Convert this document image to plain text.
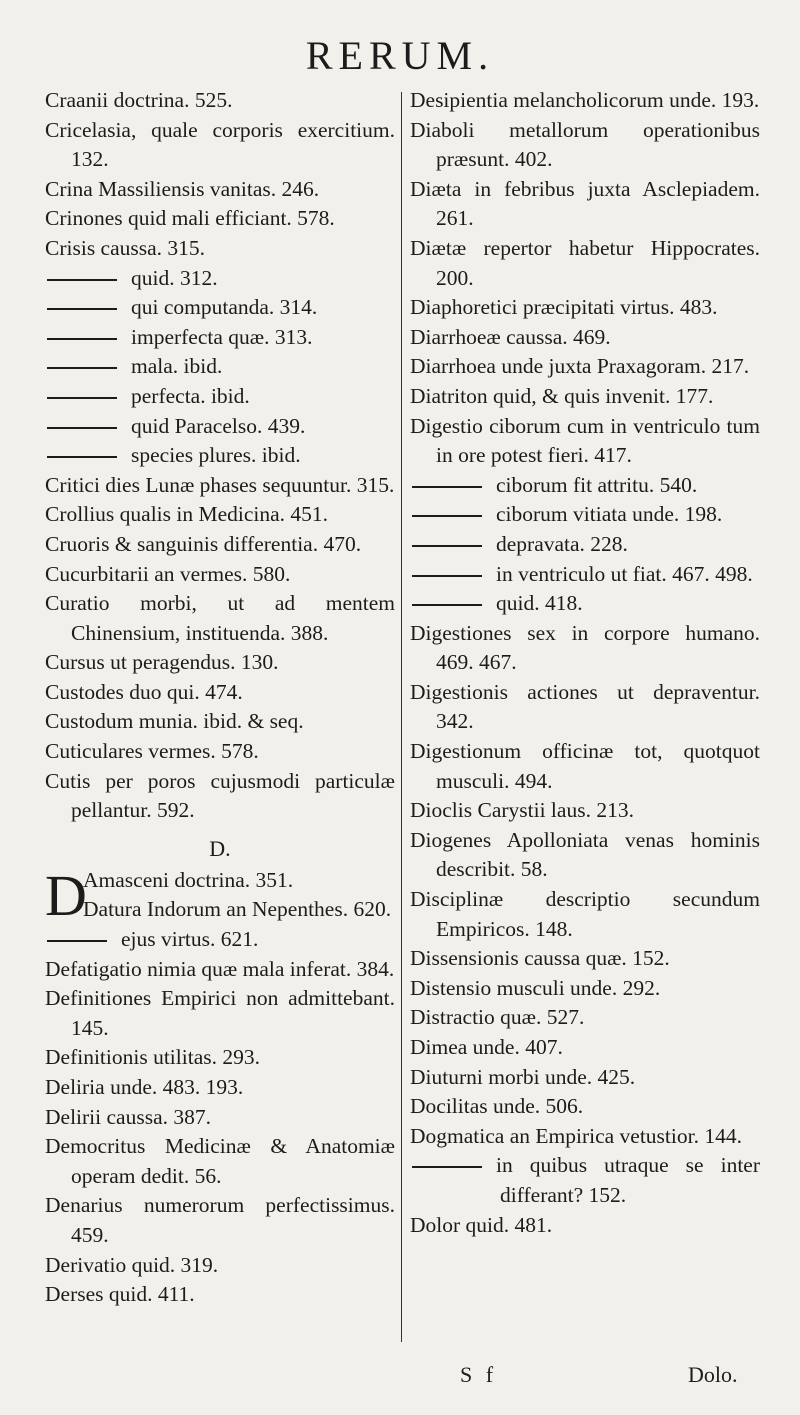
RERUM.
Craanii doctrina. 525.
Cricelasia, quale corporis exercitium. 132.
Crina Massiliensis vanitas. 246.
Crinones quid mali efficiant. 578.
Crisis caussa. 315.
quid. 312.
qui computanda. 314.
imperfecta quæ. 313.
mala. ibid.
perfecta. ibid.
quid Paracelso. 439.
species plures. ibid.
Critici dies Lunæ phases sequuntur. 315.
Crollius qualis in Medicina. 451.
Cruoris & sanguinis differentia. 470.
Cucurbitarii an vermes. 580.
Curatio morbi, ut ad mentem Chinensium, instituenda. 388.
Cursus ut peragendus. 130.
Custodes duo qui. 474.
Custodum munia. ibid. & seq.
Cuticulares vermes. 578.
Cutis per poros cujusmodi particulæ pellantur. 592.
D.
D
Amasceni doctrina. 351.
Datura Indorum an Nepenthes. 620.
ejus virtus. 621.
Defatigatio nimia quæ mala inferat. 384.
Definitiones Empirici non admittebant. 145.
Definitionis utilitas. 293.
Deliria unde. 483. 193.
Delirii caussa. 387.
Democritus Medicinæ & Anatomiæ operam dedit. 56.
Denarius numerorum perfectissimus. 459.
Derivatio quid. 319.
Derses quid. 411.
Desipientia melancholicorum unde. 193.
Diaboli metallorum operationibus præsunt. 402.
Diæta in febribus juxta Asclepiadem. 261.
Diætæ repertor habetur Hippocrates. 200.
Diaphoretici præcipitati virtus. 483.
Diarrhoeæ caussa. 469.
Diarrhoea unde juxta Praxagoram. 217.
Diatriton quid, & quis invenit. 177.
Digestio ciborum cum in ventriculo tum in ore potest fieri. 417.
ciborum fit attritu. 540.
ciborum vitiata unde. 198.
depravata. 228.
in ventriculo ut fiat. 467. 498.
quid. 418.
Digestiones sex in corpore humano. 469. 467.
Digestionis actiones ut depraventur. 342.
Digestionum officinæ tot, quotquot musculi. 494.
Dioclis Carystii laus. 213.
Diogenes Apolloniata venas hominis describit. 58.
Disciplinæ descriptio secundum Empiricos. 148.
Dissensionis caussa quæ. 152.
Distensio musculi unde. 292.
Distractio quæ. 527.
Dimea unde. 407.
Diuturni morbi unde. 425.
Docilitas unde. 506.
Dogmatica an Empirica vetustior. 144.
in quibus utraque se inter differant? 152.
Dolor quid. 481.
S f	Dolo.
